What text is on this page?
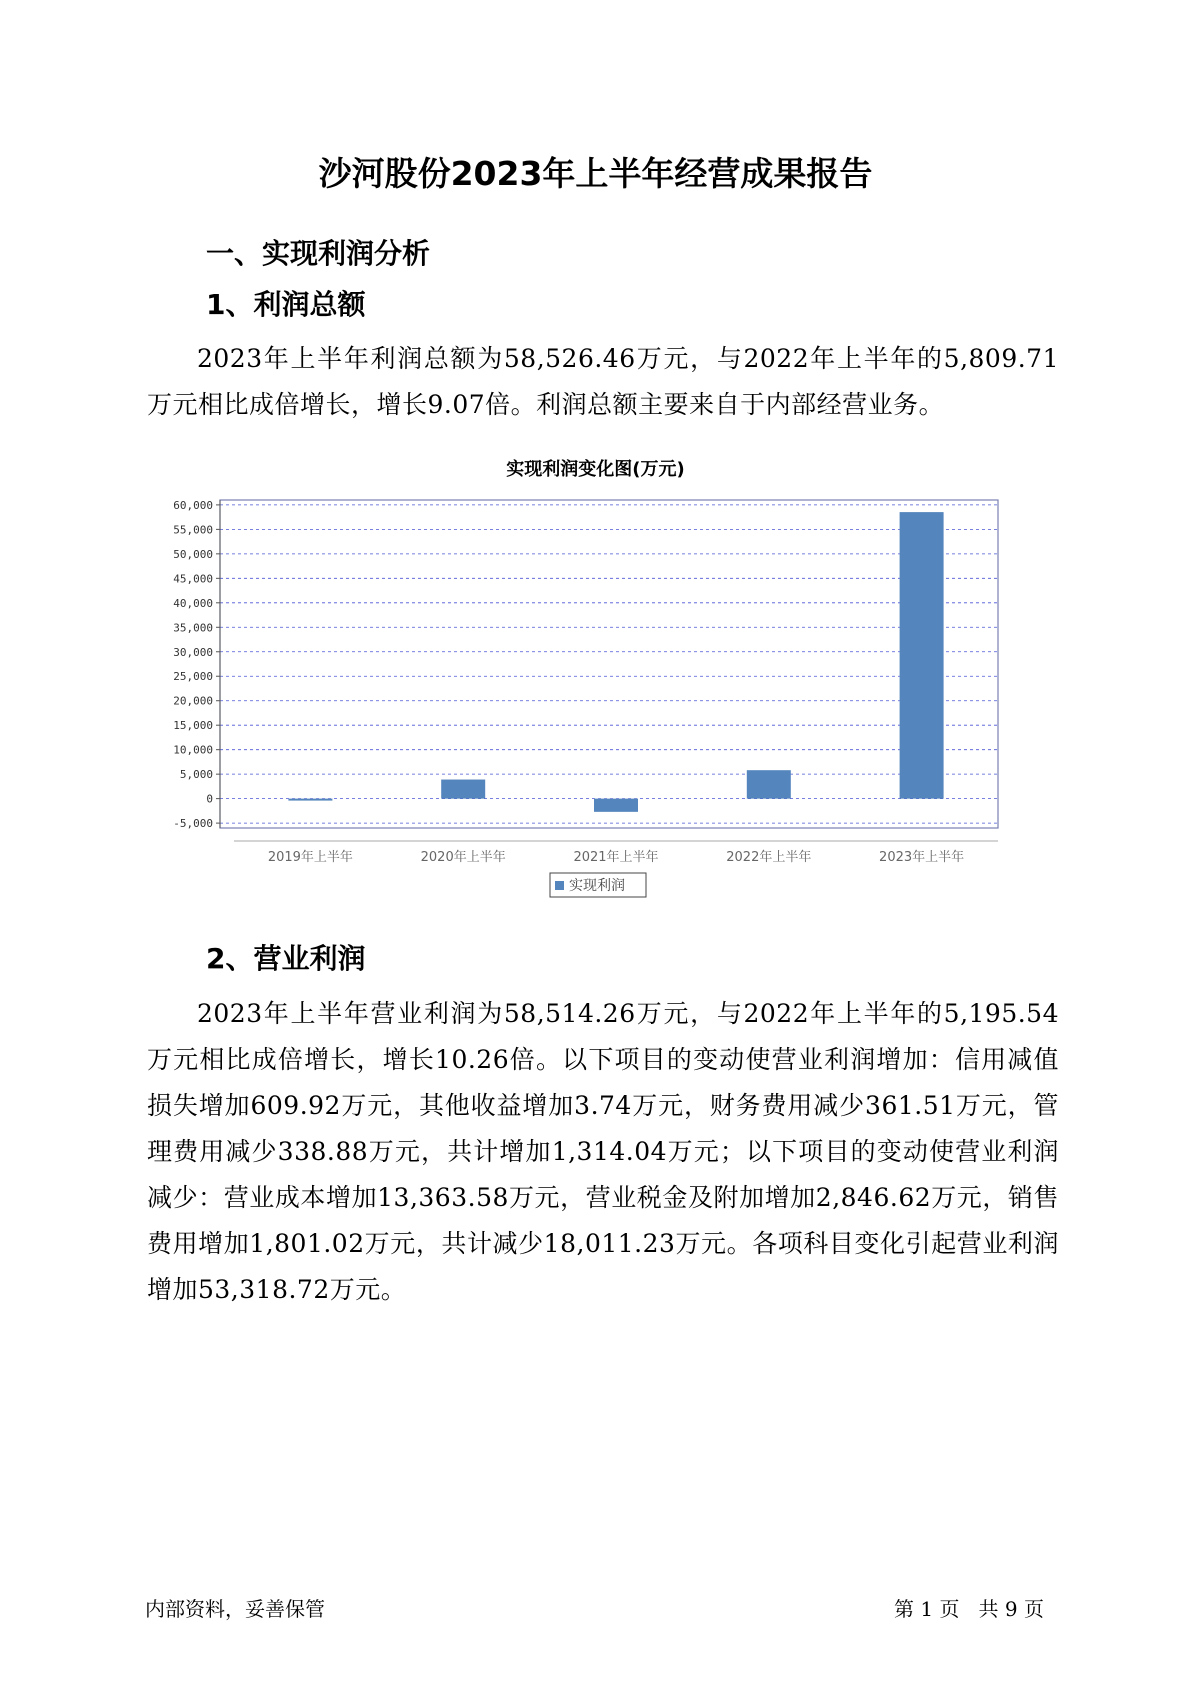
沙河股份2023年上半年经营成果报告
一、实现利润分析
1、利润总额

2023年上半年利润总额为58,526.46万元，与2022年上半年的5,809.71万元相比成倍增长，增长9.07倍。利润总额主要来自于内部经营业务。

实现利润变化图(万元)
-5,000
0
5,000
10,000
15,000
20,000
25,000
30,000
35,000
40,000
45,000
50,000
55,000
60,000
2019年上半年	2020年上半年	2021年上半年	2022年上半年	2023年上半年
实现利润
2、营业利润

2023年上半年营业利润为58,514.26万元，与2022年上半年的5,195.54万元相比成倍增长，增长10.26倍。以下项目的变动使营业利润增加：信用减值损失增加609.92万元，其他收益增加3.74万元，财务费用减少361.51万元，管理费用减少338.88万元，共计增加1,314.04万元；以下项目的变动使营业利润减少：营业成本增加13,363.58万元，营业税金及附加增加2,846.62万元，销售费用增加1,801.02万元，共计减少18,011.23万元。各项科目变化引起营业利润增加53,318.72万元。

内部资料，妥善保管	第 1 页   共 9 页
